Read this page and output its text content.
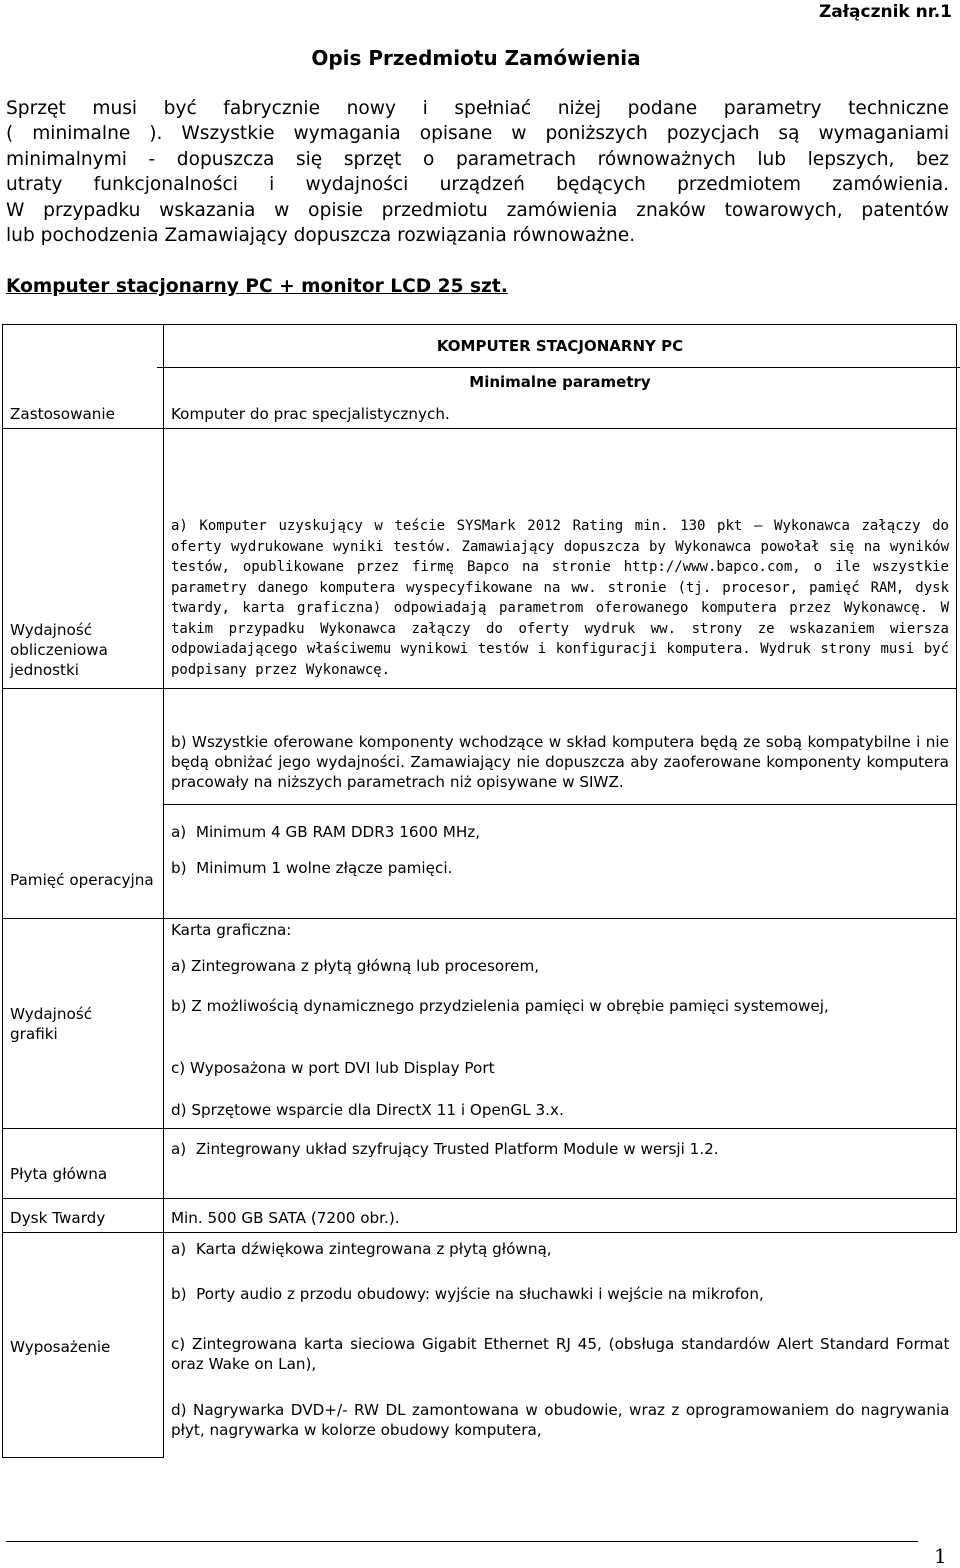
Załącznik nr.1
Opis Przedmiotu Zamówienia
Sprzęt musi być fabrycznie nowy i spełniać niżej podane parametry techniczne
( minimalne ). Wszystkie wymagania opisane w poniższych pozycjach są wymaganiami
minimalnymi - dopuszcza się sprzęt o parametrach równoważnych lub lepszych, bez
utraty funkcjonalności i wydajności urządzeń będących przedmiotem zamówienia.
W przypadku wskazania w opisie przedmiotu zamówienia znaków towarowych, patentów
lub pochodzenia Zamawiający dopuszcza rozwiązania równoważne.
Komputer stacjonarny PC + monitor LCD 25 szt.
Zastosowanie	KOMPUTER STACJONARNY PC
Minimalne parametry
Komputer do prac specjalistycznych.

Wydajność obliczeniowa jednostki	a) Komputer uzyskujący w teście SYSMark 2012 Rating min. 130 pkt – Wykonawca załączy do oferty wydrukowane wyniki testów. Zamawiający dopuszcza by Wykonawca powołał się na wyników testów, opublikowane przez firmę Bapco na stronie http://www.bapco.com, o ile wszystkie parametry danego komputera wyspecyfikowane na ww. stronie (tj. procesor, pamięć RAM, dysk twardy, karta graficzna) odpowiadają parametrom oferowanego komputera przez Wykonawcę. W takim przypadku Wykonawca załączy do oferty wydruk ww. strony ze wskazaniem wiersza odpowiadającego właściwemu wynikowi testów i konfiguracji komputera. Wydruk strony musi być podpisany przez Wykonawcę.

	b) Wszystkie oferowane komponenty wchodzące w skład komputera będą ze sobą kompatybilne i nie będą obniżać jego wydajności. Zamawiający nie dopuszcza aby zaoferowane komponenty komputera pracowały na niższych parametrach niż opisywane w SIWZ.

Pamięć operacyjna	a)  Minimum 4 GB RAM DDR3 1600 MHz,

b)  Minimum 1 wolne złącze pamięci.

Wydajność grafiki	Karta graficzna:

a) Zintegrowana z płytą główną lub procesorem,

b) Z możliwością dynamicznego przydzielenia pamięci w obrębie pamięci systemowej,

c) Wyposażona w port DVI lub Display Port

d) Sprzętowe wsparcie dla DirectX 11 i OpenGL 3.x.

Płyta główna	a)  Zintegrowany układ szyfrujący Trusted Platform Module w wersji 1.2.

Dysk Twardy	Min. 500 GB SATA (7200 obr.).

Wyposażenie	a)  Karta dźwiękowa zintegrowana z płytą główną,

b)  Porty audio z przodu obudowy: wyjście na słuchawki i wejście na mikrofon,

c) Zintegrowana karta sieciowa Gigabit Ethernet RJ 45, (obsługa standardów Alert Standard Format oraz Wake on Lan),

d) Nagrywarka DVD+/- RW DL zamontowana w obudowie, wraz z oprogramowaniem do nagrywania płyt, nagrywarka w kolorze obudowy komputera,

1
